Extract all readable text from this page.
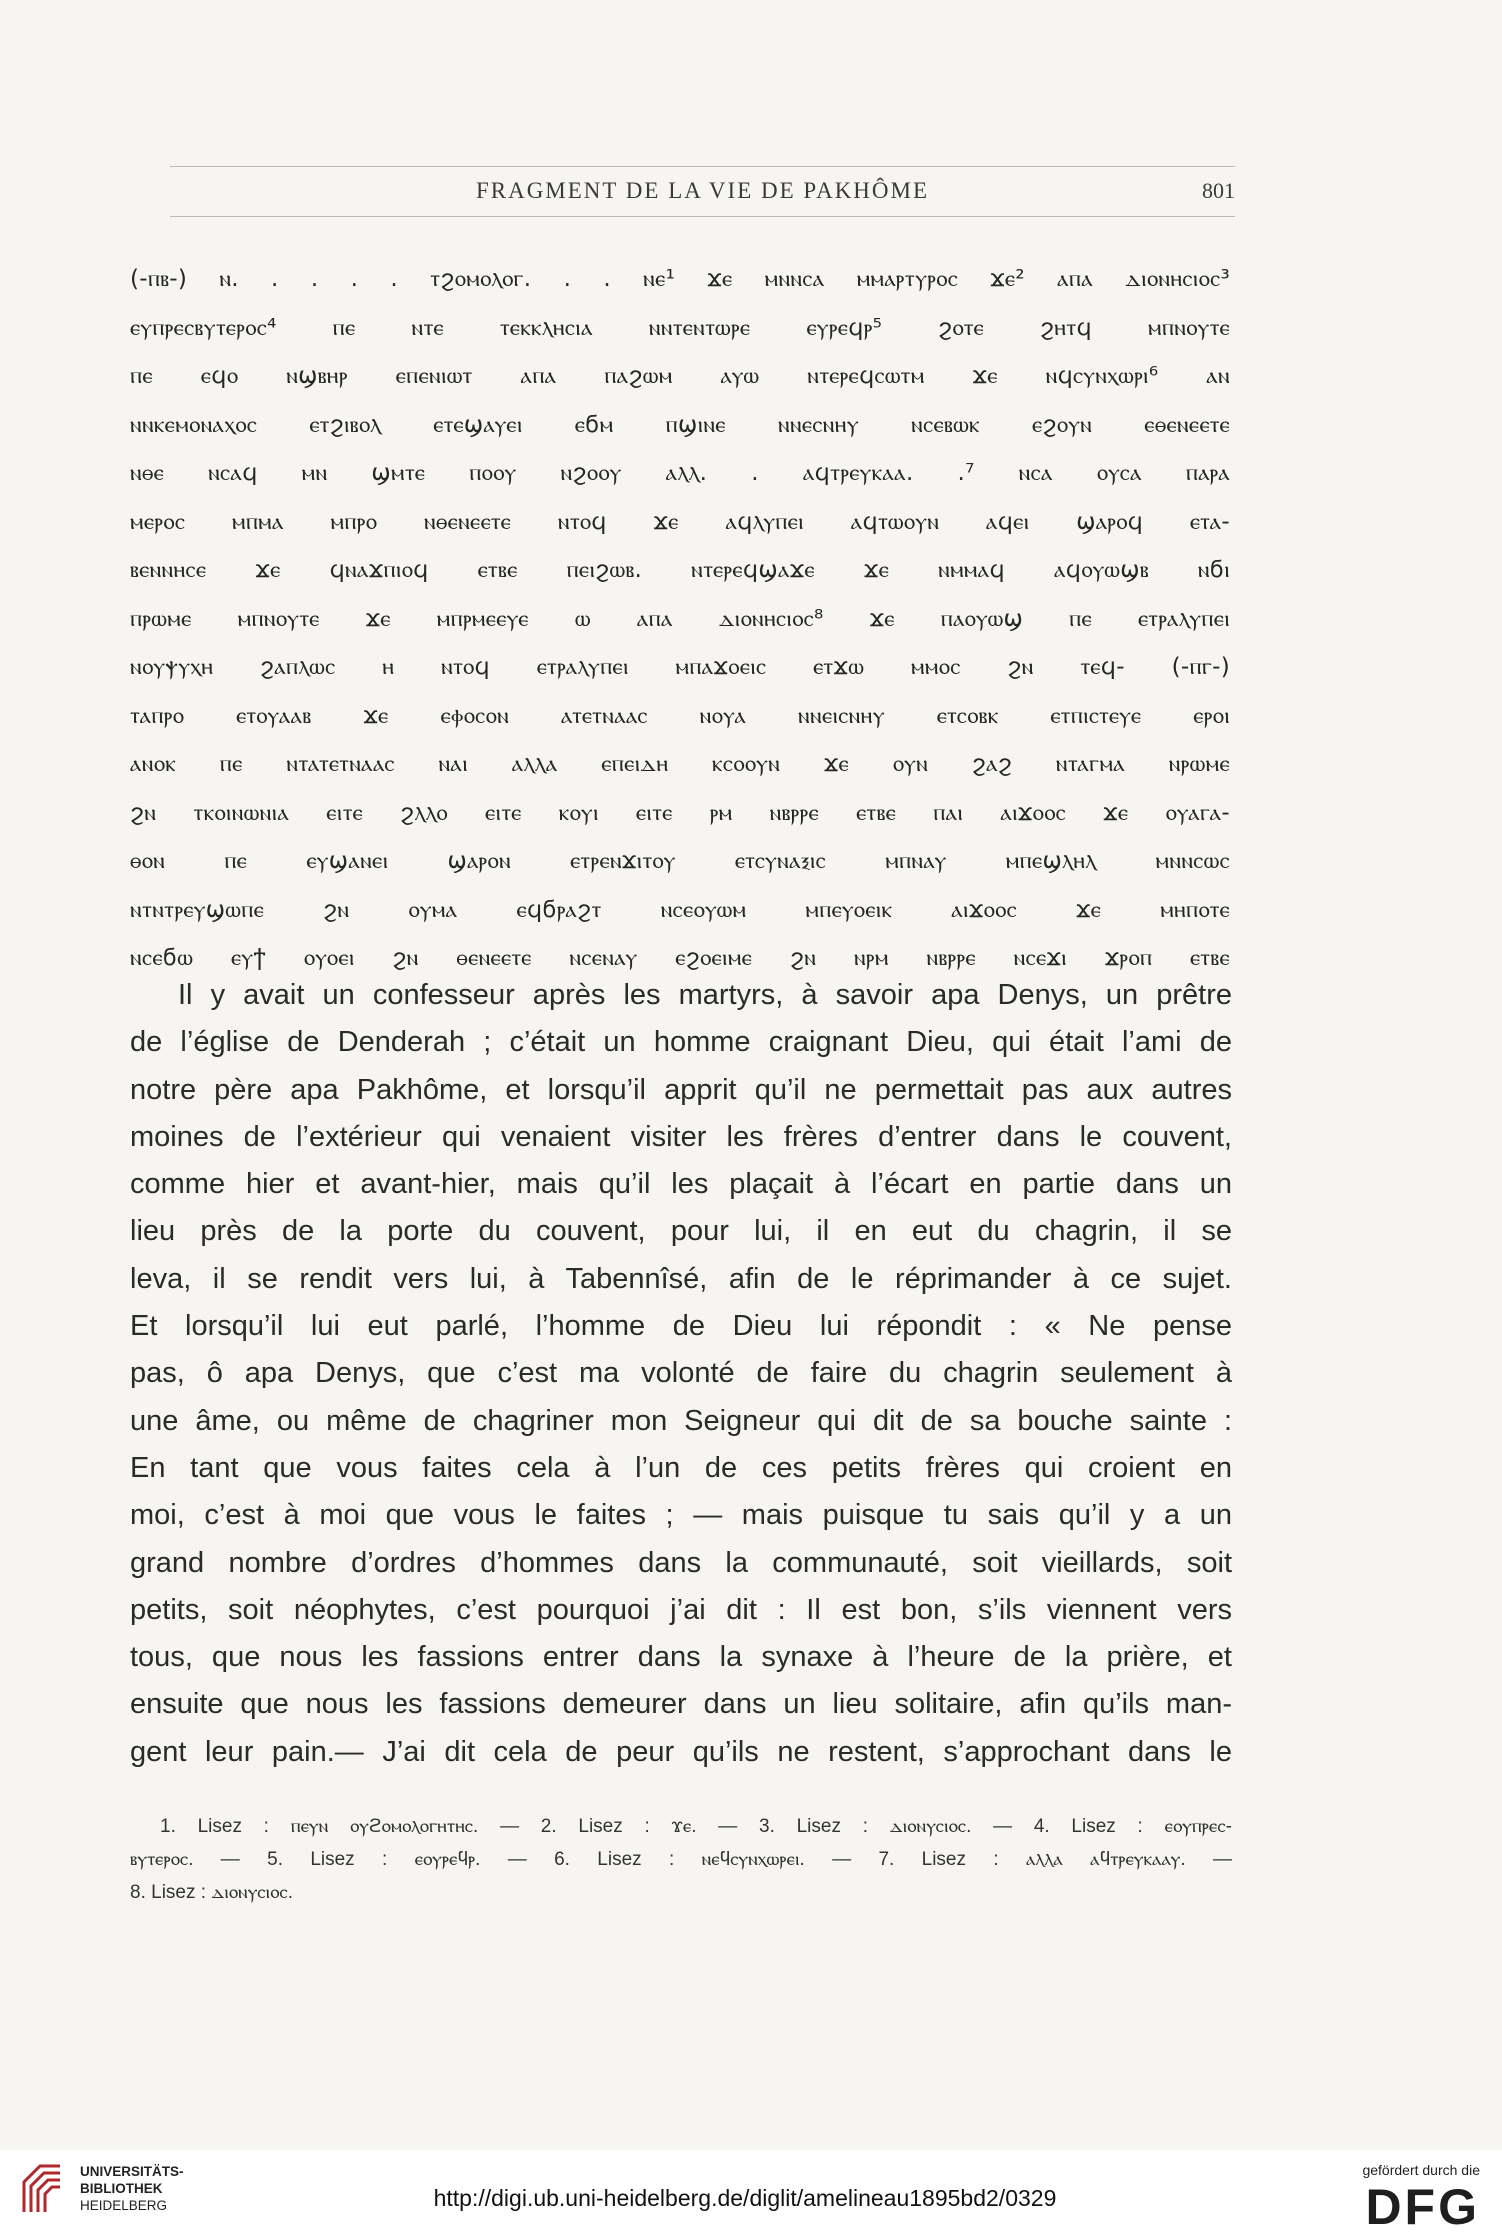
FRAGMENT DE LA VIE DE PAKHÔME	801
(-ⲡⲃ-) ⲛ. . . . . ⲧϩⲟⲙⲟⲗⲟⲅ. . . ⲛⲉ¹ ϫⲉ ⲙⲛⲛⲥⲁ ⲙⲙⲁⲣⲧⲩⲣⲟⲥ ϫⲉ² ⲁⲡⲁ ⲇⲓⲟⲛⲏⲥⲓⲟⲥ³
ⲉⲩⲡⲣⲉⲥⲃⲩⲧⲉⲣⲟⲥ⁴ ⲡⲉ ⲛⲧⲉ ⲧⲉⲕⲕⲗⲏⲥⲓⲁ ⲛⲛⲧⲉⲛⲧⲱⲣⲉ ⲉⲩⲣⲉϥⲣ⁵ ϩⲟⲧⲉ ϩⲏⲧϥ ⲙⲡⲛⲟⲩⲧⲉ
ⲡⲉ ⲉϥⲟ ⲛϣⲃⲏⲣ ⲉⲡⲉⲛⲓⲱⲧ ⲁⲡⲁ ⲡⲁϩⲱⲙ ⲁⲩⲱ ⲛⲧⲉⲣⲉϥⲥⲱⲧⲙ ϫⲉ ⲛϥⲥⲩⲛⲭⲱⲣⲓ⁶ ⲁⲛ
ⲛⲛⲕⲉⲙⲟⲛⲁⲭⲟⲥ ⲉⲧϩⲓⲃⲟⲗ ⲉⲧⲉϣⲁⲩⲉⲓ ⲉϭⲙ ⲡϣⲓⲛⲉ ⲛⲛⲉⲥⲛⲏⲩ ⲛⲥⲉⲃⲱⲕ ⲉϩⲟⲩⲛ ⲉⲑⲉⲛⲉⲉⲧⲉ
ⲛⲑⲉ ⲛⲥⲁϥ ⲙⲛ ϣⲙⲧⲉ ⲡⲟⲟⲩ ⲛϩⲟⲟⲩ ⲁⲗⲗ. . ⲁϥⲧⲣⲉⲩⲕⲁⲁ. .⁷ ⲛⲥⲁ ⲟⲩⲥⲁ ⲡⲁⲣⲁ
ⲙⲉⲣⲟⲥ ⲙⲡⲙⲁ ⲙⲡⲣⲟ ⲛⲑⲉⲛⲉⲉⲧⲉ ⲛⲧⲟϥ ϫⲉ ⲁϥⲗⲩⲡⲉⲓ ⲁϥⲧⲱⲟⲩⲛ ⲁϥⲉⲓ ϣⲁⲣⲟϥ ⲉⲧⲁ-
ⲃⲉⲛⲛⲏⲥⲉ ϫⲉ ϥⲛⲁϫⲡⲓⲟϥ ⲉⲧⲃⲉ ⲡⲉⲓϩⲱⲃ. ⲛⲧⲉⲣⲉϥϣⲁϫⲉ ϫⲉ ⲛⲙⲙⲁϥ ⲁϥⲟⲩⲱϣⲃ ⲛϭⲓ
ⲡⲣⲱⲙⲉ ⲙⲡⲛⲟⲩⲧⲉ ϫⲉ ⲙⲡⲣⲙⲉⲉⲩⲉ ⲱ ⲁⲡⲁ ⲇⲓⲟⲛⲏⲥⲓⲟⲥ⁸ ϫⲉ ⲡⲁⲟⲩⲱϣ ⲡⲉ ⲉⲧⲣⲁⲗⲩⲡⲉⲓ
ⲛⲟⲩⲯⲩⲭⲏ ϩⲁⲡⲗⲱⲥ ⲏ ⲛⲧⲟϥ ⲉⲧⲣⲁⲗⲩⲡⲉⲓ ⲙⲡⲁϫⲟⲉⲓⲥ ⲉⲧϫⲱ ⲙⲙⲟⲥ ϩⲛ ⲧⲉϥ- (-ⲡⲅ-)
ⲧⲁⲡⲣⲟ ⲉⲧⲟⲩⲁⲁⲃ ϫⲉ ⲉⲫⲟⲥⲟⲛ ⲁⲧⲉⲧⲛⲁⲁⲥ ⲛⲟⲩⲁ ⲛⲛⲉⲓⲥⲛⲏⲩ ⲉⲧⲥⲟⲃⲕ ⲉⲧⲡⲓⲥⲧⲉⲩⲉ ⲉⲣⲟⲓ
ⲁⲛⲟⲕ ⲡⲉ ⲛⲧⲁⲧⲉⲧⲛⲁⲁⲥ ⲛⲁⲓ ⲁⲗⲗⲁ ⲉⲡⲉⲓⲇⲏ ⲕⲥⲟⲟⲩⲛ ϫⲉ ⲟⲩⲛ ϩⲁϩ ⲛⲧⲁⲅⲙⲁ ⲛⲣⲱⲙⲉ
ϩⲛ ⲧⲕⲟⲓⲛⲱⲛⲓⲁ ⲉⲓⲧⲉ ϩⲗⲗⲟ ⲉⲓⲧⲉ ⲕⲟⲩⲓ ⲉⲓⲧⲉ ⲣⲙ ⲛⲃⲣⲣⲉ ⲉⲧⲃⲉ ⲡⲁⲓ ⲁⲓϫⲟⲟⲥ ϫⲉ ⲟⲩⲁⲅⲁ-
ⲑⲟⲛ ⲡⲉ ⲉⲩϣⲁⲛⲉⲓ ϣⲁⲣⲟⲛ ⲉⲧⲣⲉⲛϫⲓⲧⲟⲩ ⲉⲧⲥⲩⲛⲁⲝⲓⲥ ⲙⲡⲛⲁⲩ ⲙⲡⲉϣⲗⲏⲗ ⲙⲛⲛⲥⲱⲥ
ⲛⲧⲛⲧⲣⲉⲩϣⲱⲡⲉ ϩⲛ ⲟⲩⲙⲁ ⲉϥϭⲣⲁϩⲧ ⲛⲥⲉⲟⲩⲱⲙ ⲙⲡⲉⲩⲟⲉⲓⲕ ⲁⲓϫⲟⲟⲥ ϫⲉ ⲙⲏⲡⲟⲧⲉ
ⲛⲥⲉϭⲱ ⲉⲩϯ ⲟⲩⲟⲉⲓ ϩⲛ ⲑⲉⲛⲉⲉⲧⲉ ⲛⲥⲉⲛⲁⲩ ⲉϩⲟⲉⲓⲙⲉ ϩⲛ ⲛⲣⲙ ⲛⲃⲣⲣⲉ ⲛⲥⲉϫⲓ ϫⲣⲟⲡ ⲉⲧⲃⲉ
Il y avait un confesseur après les martyrs, à savoir apa Denys, un prêtre
de l’église de Denderah ; c’était un homme craignant Dieu, qui était l’ami de
notre père apa Pakhôme, et lorsqu’il apprit qu’il ne permettait pas aux autres
moines de l’extérieur qui venaient visiter les frères d’entrer dans le couvent,
comme hier et avant-hier, mais qu’il les plaçait à l’écart en partie dans un
lieu près de la porte du couvent, pour lui, il en eut du chagrin, il se
leva, il se rendit vers lui, à Tabennîsé, afin de le réprimander à ce sujet.
Et lorsqu’il lui eut parlé, l’homme de Dieu lui répondit : « Ne pense
pas, ô apa Denys, que c’est ma volonté de faire du chagrin seulement à
une âme, ou même de chagriner mon Seigneur qui dit de sa bouche sainte :
En tant que vous faites cela à l’un de ces petits frères qui croient en
moi, c’est à moi que vous le faites ; — mais puisque tu sais qu’il y a un
grand nombre d’ordres d’hommes dans la communauté, soit vieillards, soit
petits, soit néophytes, c’est pourquoi j’ai dit : Il est bon, s’ils viennent vers
tous, que nous les fassions entrer dans la synaxe à l’heure de la prière, et
ensuite que nous les fassions demeurer dans un lieu solitaire, afin qu’ils man-
gent leur pain.— J’ai dit cela de peur qu’ils ne restent, s’approchant dans le
1. Lisez : ⲡⲉⲩⲛ ⲟⲩϩⲟⲙⲟⲗⲟⲅⲏⲧⲏⲥ. — 2. Lisez : ϫⲉ. — 3. Lisez : ⲇⲓⲟⲛⲩⲥⲓⲟⲥ. — 4. Lisez : ⲉⲟⲩⲡⲣⲉⲥ-
ⲃⲩⲧⲉⲣⲟⲥ. — 5. Lisez : ⲉⲟⲩⲣⲉϥⲣ. — 6. Lisez : ⲛⲉϥⲥⲩⲛⲭⲱⲣⲉⲓ. — 7. Lisez : ⲁⲗⲗⲁ ⲁϥⲧⲣⲉⲩⲕⲁⲁⲩ. —
8. Lisez : ⲇⲓⲟⲛⲩⲥⲓⲟⲥ.
UNIVERSITÄTS-
BIBLIOTHEK
HEIDELBERG	http://digi.ub.uni-heidelberg.de/diglit/amelineau1895bd2/0329
gefördert durch die
DFG
